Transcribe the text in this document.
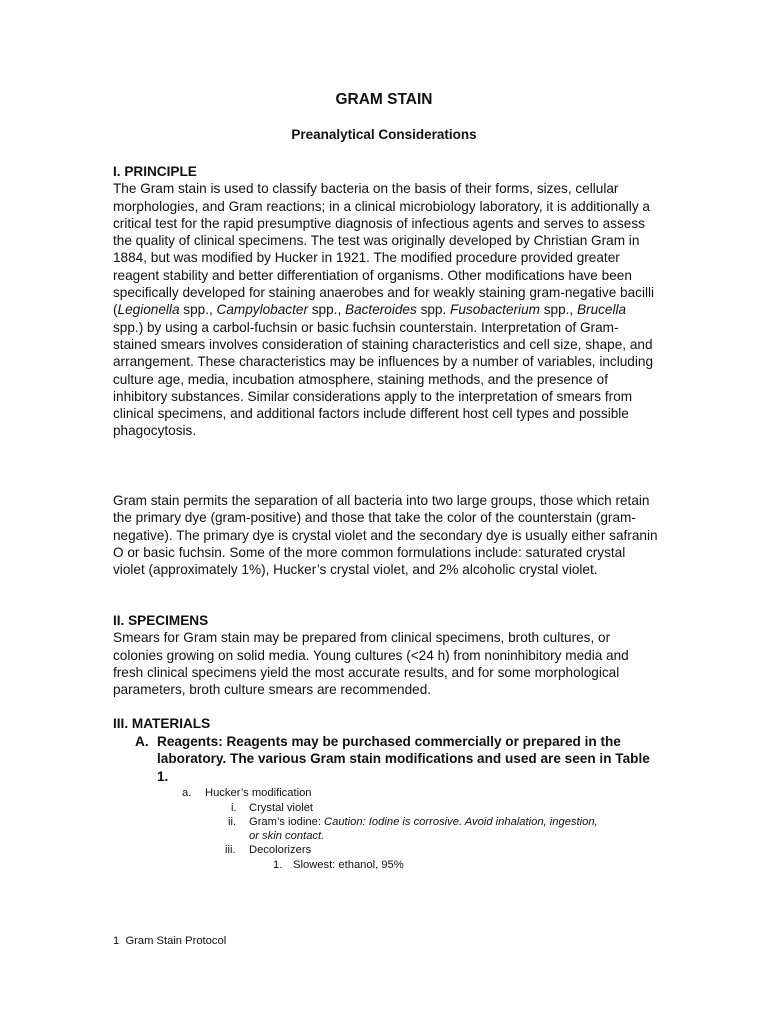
GRAM STAIN
Preanalytical Considerations
I. PRINCIPLE

The Gram stain is used to classify bacteria on the basis of their forms, sizes, cellular morphologies, and Gram reactions; in a clinical microbiology laboratory, it is additionally a critical test for the rapid presumptive diagnosis of infectious agents and serves to assess the quality of clinical specimens. The test was originally developed by Christian Gram in 1884, but was modified by Hucker in 1921. The modified procedure provided greater reagent stability and better differentiation of organisms. Other modifications have been specifically developed for staining anaerobes and for weakly staining gram-negative bacilli (Legionella spp., Campylobacter spp., Bacteroides spp. Fusobacterium spp., Brucella spp.) by using a carbol-fuchsin or basic fuchsin counterstain. Interpretation of Gram-stained smears involves consideration of staining characteristics and cell size, shape, and arrangement. These characteristics may be influences by a number of variables, including culture age, media, incubation atmosphere, staining methods, and the presence of inhibitory substances. Similar considerations apply to the interpretation of smears from clinical specimens, and additional factors include different host cell types and possible phagocytosis.

Gram stain permits the separation of all bacteria into two large groups, those which retain the primary dye (gram-positive) and those that take the color of the counterstain (gram-negative). The primary dye is crystal violet and the secondary dye is usually either safranin O or basic fuchsin. Some of the more common formulations include: saturated crystal violet (approximately 1%), Hucker’s crystal violet, and 2% alcoholic crystal violet.

II. SPECIMENS

Smears for Gram stain may be prepared from clinical specimens, broth cultures, or colonies growing on solid media. Young cultures (<24 h) from noninhibitory media and fresh clinical specimens yield the most accurate results, and for some morphological parameters, broth culture smears are recommended.

III. MATERIALS
A. Reagents: Reagents may be purchased commercially or prepared in the laboratory. The various Gram stain modifications and used are seen in Table 1.
a. Hucker’s modification
i. Crystal violet
ii. Gram’s iodine: Caution: Iodine is corrosive. Avoid inhalation, ingestion,
or skin contact.
iii. Decolorizers
1. Slowest: ethanol, 95%
1 Gram Stain Protocol
